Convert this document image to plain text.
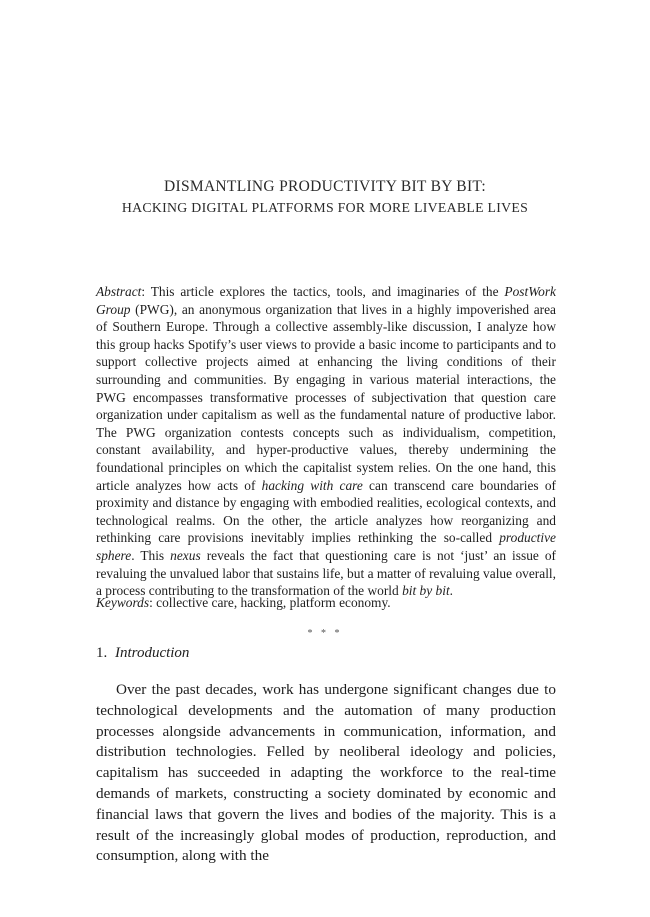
DISMANTLING PRODUCTIVITY BIT BY BIT:
HACKING DIGITAL PLATFORMS FOR MORE LIVEABLE LIVES

Abstract: This article explores the tactics, tools, and imaginaries of the PostWork Group (PWG), an anonymous organization that lives in a highly impoverished area of Southern Europe. Through a collective assembly-like discussion, I analyze how this group hacks Spotify’s user views to provide a basic income to participants and to support collective projects aimed at enhancing the living conditions of their surrounding and communities. By engaging in various material interactions, the PWG encompasses transformative processes of subjectivation that question care organization under capitalism as well as the fundamental nature of productive labor. The PWG organization contests concepts such as individualism, competition, constant availability, and hyper-productive values, thereby undermining the foundational principles on which the capitalist system relies. On the one hand, this article analyzes how acts of hacking with care can transcend care boundaries of proximity and distance by engaging with embodied realities, ecological contexts, and technological realms. On the other, the article analyzes how reorganizing and rethinking care provisions inevitably implies rethinking the so-called productive sphere. This nexus reveals the fact that questioning care is not ‘just’ an issue of revaluing the unvalued labor that sustains life, but a matter of revaluing value overall, a process contributing to the transformation of the world bit by bit.

Keywords: collective care, hacking, platform economy.

* * *

1. Introduction

Over the past decades, work has undergone significant changes due to technological developments and the automation of many production processes alongside advancements in communication, information, and distribution technologies. Felled by neoliberal ideology and policies, capitalism has succeeded in adapting the workforce to the real-time demands of markets, constructing a society dominated by economic and financial laws that govern the lives and bodies of the majority. This is a result of the increasingly global modes of production, reproduction, and consumption, along with the
